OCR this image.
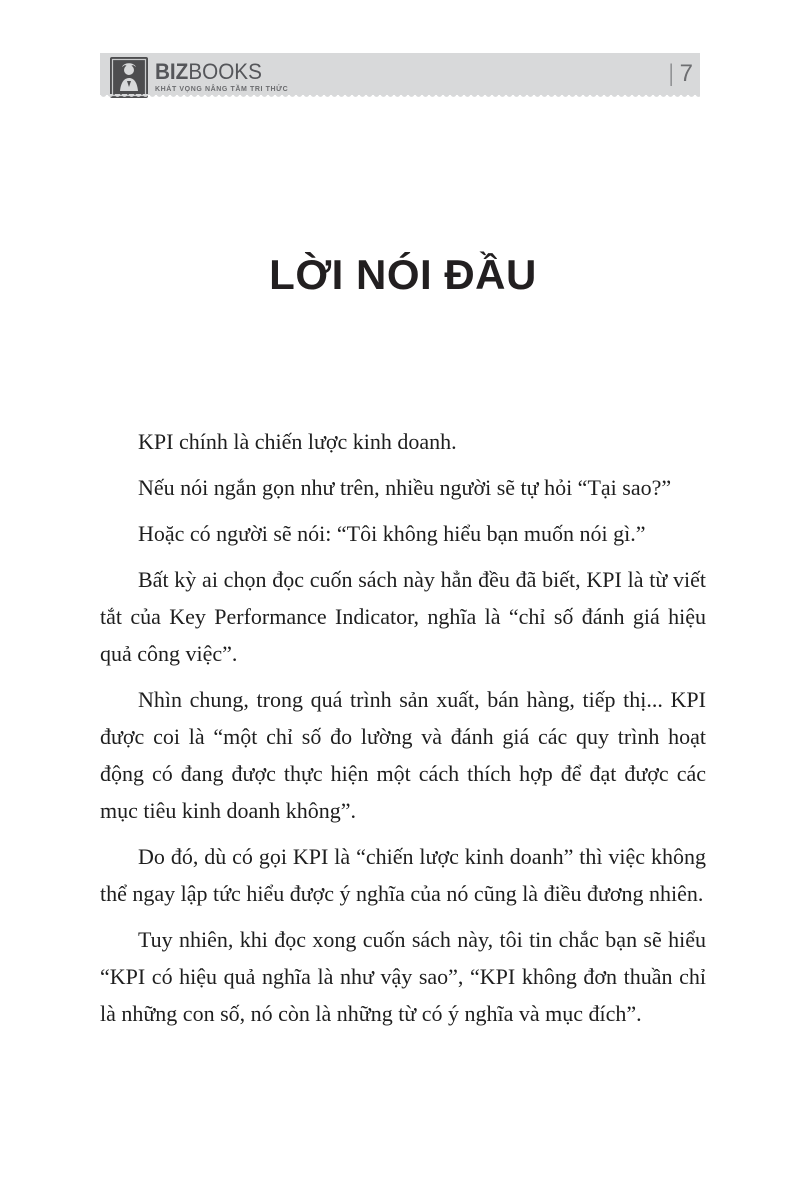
BIZBOOKS
KHÁT VỌNG NÂNG TẦM TRI THỨC
| 7
LỜI NÓI ĐẦU

KPI chính là chiến lược kinh doanh.

Nếu nói ngắn gọn như trên, nhiều người sẽ tự hỏi “Tại sao?”

Hoặc có người sẽ nói: “Tôi không hiểu bạn muốn nói gì.”

Bất kỳ ai chọn đọc cuốn sách này hẳn đều đã biết, KPI là từ viết tắt của Key Performance Indicator, nghĩa là “chỉ số đánh giá hiệu quả công việc”.

Nhìn chung, trong quá trình sản xuất, bán hàng, tiếp thị... KPI được coi là “một chỉ số đo lường và đánh giá các quy trình hoạt động có đang được thực hiện một cách thích hợp để đạt được các mục tiêu kinh doanh không”.

Do đó, dù có gọi KPI là “chiến lược kinh doanh” thì việc không thể ngay lập tức hiểu được ý nghĩa của nó cũng là điều đương nhiên.

Tuy nhiên, khi đọc xong cuốn sách này, tôi tin chắc bạn sẽ hiểu “KPI có hiệu quả nghĩa là như vậy sao”, “KPI không đơn thuần chỉ là những con số, nó còn là những từ có ý nghĩa và mục đích”.
